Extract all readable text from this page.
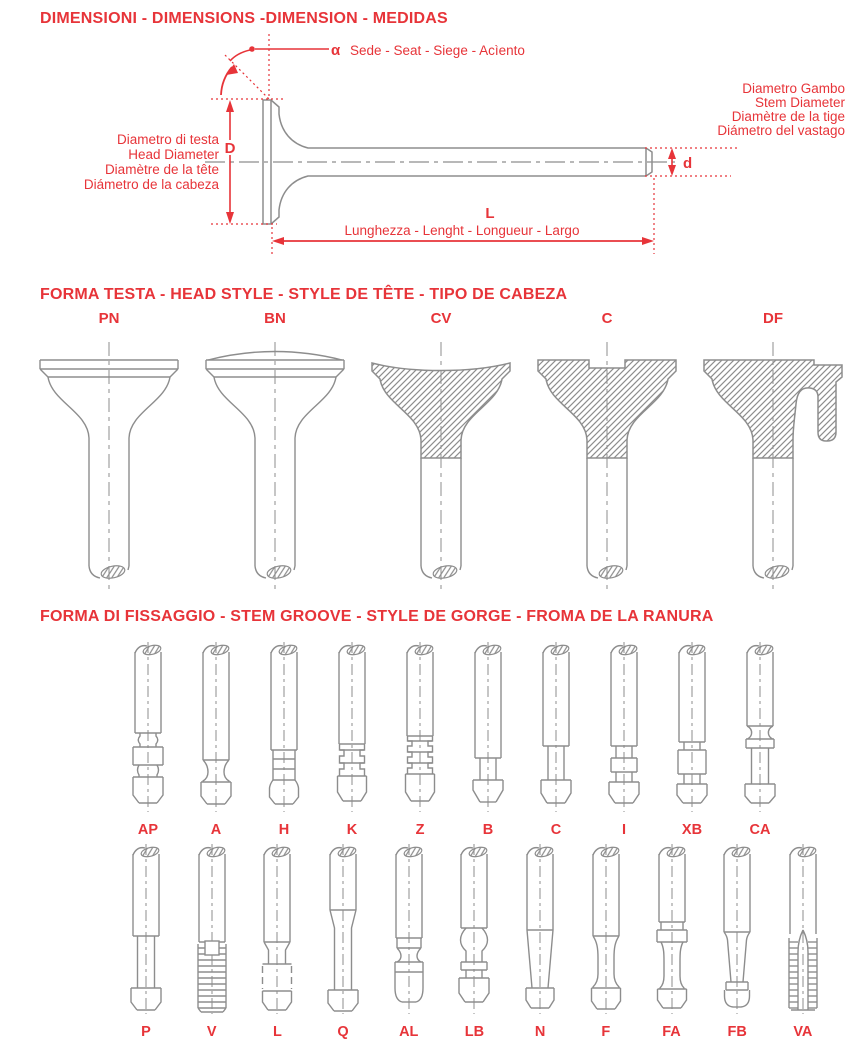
DIMENSIONI - DIMENSIONS -DIMENSION - MEDIDAS
α Sede - Seat - Siege - Acìento
Diametro Gambo
Stem Diameter
Diamètre de la tige
Diámetro del vastago
Diametro di testa
Head Diameter
Diamètre de la tête
Diámetro de la cabeza
D
d
L
Lunghezza - Lenght - Longueur - Largo
FORMA TESTA - HEAD STYLE - STYLE DE TÊTE - TIPO DE CABEZA
PN	BN	CV	C	DF
FORMA DI FISSAGGIO - STEM GROOVE - STYLE DE GORGE - FROMA DE LA RANURA
AP	A	H	K	Z	B	C	I	XB	CA
P	V	L	Q	AL	LB	N	F	FA	FB	VA
